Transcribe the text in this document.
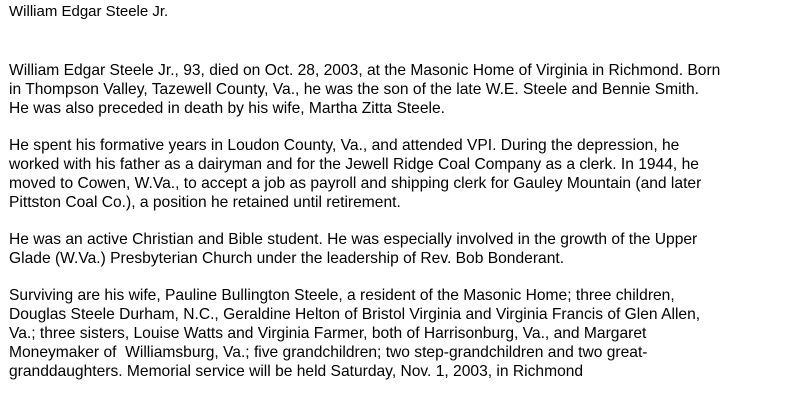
William Edgar Steele Jr.
William Edgar Steele Jr., 93, died on Oct. 28, 2003, at the Masonic Home of Virginia in Richmond. Born
in Thompson Valley, Tazewell County, Va., he was the son of the late W.E. Steele and Bennie Smith.
He was also preceded in death by his wife, Martha Zitta Steele.
He spent his formative years in Loudon County, Va., and attended VPI. During the depression, he
worked with his father as a dairyman and for the Jewell Ridge Coal Company as a clerk. In 1944, he
moved to Cowen, W.Va., to accept a job as payroll and shipping clerk for Gauley Mountain (and later
Pittston Coal Co.), a position he retained until retirement.
He was an active Christian and Bible student. He was especially involved in the growth of the Upper
Glade (W.Va.) Presbyterian Church under the leadership of Rev. Bob Bonderant.
Surviving are his wife, Pauline Bullington Steele, a resident of the Masonic Home; three children,
Douglas Steele Durham, N.C., Geraldine Helton of Bristol Virginia and Virginia Francis of Glen Allen,
Va.; three sisters, Louise Watts and Virginia Farmer, both of Harrisonburg, Va., and Margaret
Moneymaker of  Williamsburg, Va.; five grandchildren; two step-grandchildren and two great-
granddaughters. Memorial service will be held Saturday, Nov. 1, 2003, in Richmond
